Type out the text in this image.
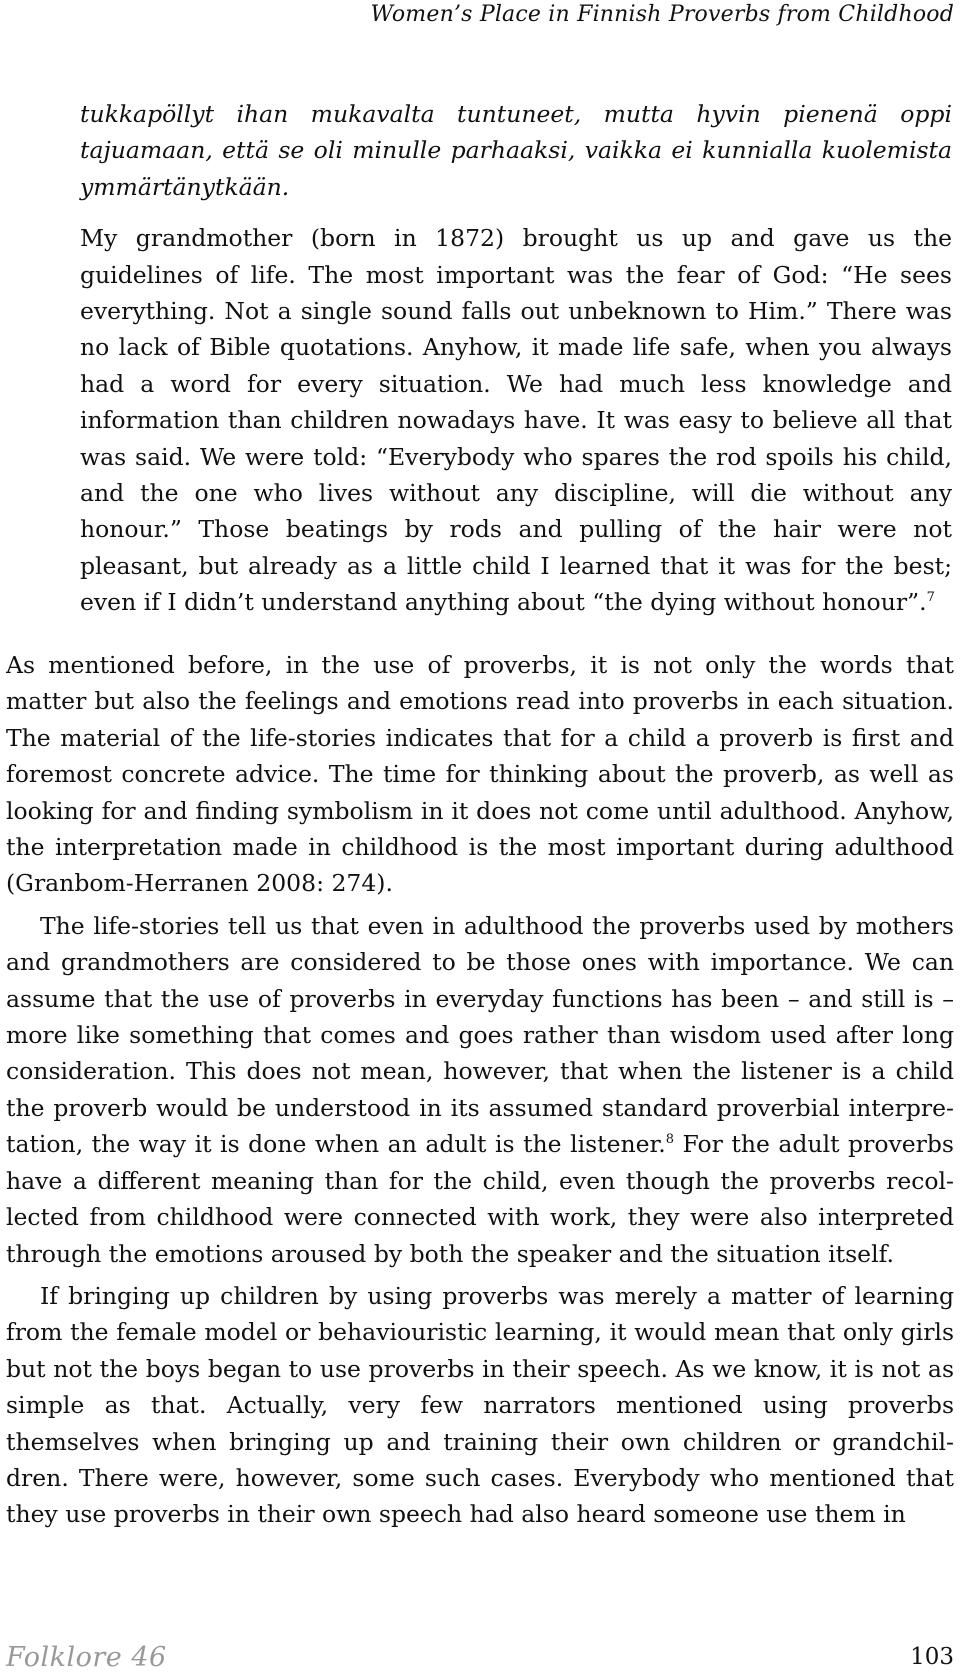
Women’s Place in Finnish Proverbs from Childhood

tukkapöllyt ihan mukavalta tuntuneet, mutta hyvin pienenä oppi tajuamaan, että se oli minulle parhaaksi, vaikka ei kunnialla kuolemista ymmärtänytkään.

My grandmother (born in 1872) brought us up and gave us the guidelines of life. The most important was the fear of God: “He sees everything. Not a single sound falls out unbeknown to Him.” There was no lack of Bible quotations. Anyhow, it made life safe, when you always had a word for every situation. We had much less knowledge and information than children nowadays have. It was easy to believe all that was said. We were told: “Everybody who spares the rod spoils his child, and the one who lives without any discipline, will die without any honour.” Those beatings by rods and pulling of the hair were not pleasant, but already as a little child I learned that it was for the best; even if I didn’t understand anything about “the dying without honour”.$^7$

As mentioned before, in the use of proverbs, it is not only the words that matter but also the feelings and emotions read into proverbs in each situation. The material of the life-stories indicates that for a child a proverb is first and foremost concrete advice. The time for thinking about the proverb, as well as looking for and finding symbolism in it does not come until adulthood. Anyhow, the interpretation made in childhood is the most important during adulthood (Granbom-Herranen 2008: 274).

The life-stories tell us that even in adulthood the proverbs used by mothers and grandmothers are considered to be those ones with importance. We can assume that the use of proverbs in everyday functions has been – and still is – more like something that comes and goes rather than wisdom used after long consideration. This does not mean, however, that when the listener is a child the proverb would be understood in its assumed standard proverbial interpre-tation, the way it is done when an adult is the listener.$^8$ For the adult proverbs have a different meaning than for the child, even though the proverbs recol-lected from childhood were connected with work, they were also interpreted through the emotions aroused by both the speaker and the situation itself.

If bringing up children by using proverbs was merely a matter of learning from the female model or behaviouristic learning, it would mean that only girls but not the boys began to use proverbs in their speech. As we know, it is not as simple as that. Actually, very few narrators mentioned using proverbs themselves when bringing up and training their own children or grandchil-dren. There were, however, some such cases. Everybody who mentioned that they use proverbs in their own speech had also heard someone use them in

Folklore 46	103
